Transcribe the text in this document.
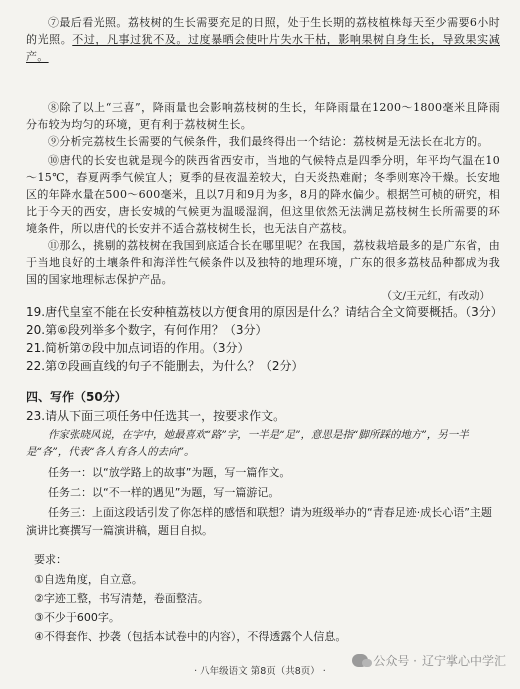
⑦最后看光照。荔枝树的生长需要充足的日照，处于生长期的荔枝植株每天至少需要6小时的光照。不过，凡事过犹不及。过度暴晒会使叶片失水干枯，影响果树自身生长，导致果实减产。
⑧除了以上“三喜”，降雨量也会影响荔枝树的生长，年降雨量在1200～1800毫米且降雨分布较为均匀的环境，更有利于荔枝树生长。
⑨分析完荔枝生长需要的气候条件，我们最终得出一个结论：荔枝树是无法长在北方的。
⑩唐代的长安也就是现今的陕西省西安市，当地的气候特点是四季分明，年平均气温在10～15℃，春夏两季气候宜人；夏季的昼夜温差较大，白天炎热难耐；冬季则寒冷干燥。长安地区的年降水量在500～600毫米，且以7月和9月为多，8月的降水偏少。根据竺可桢的研究，相比于今天的西安，唐长安城的气候更为温暖湿润，但这里依然无法满足荔枝树生长所需要的环境条件，所以唐代的长安并不适合荔枝树生长，也无法自产荔枝。
⑪那么，挑剔的荔枝树在我国到底适合长在哪里呢？在我国，荔枝栽培最多的是广东省，由于当地良好的土壤条件和海洋性气候条件以及独特的地理环境，广东的很多荔枝品种都成为我国的国家地理标志保护产品。
（文/王元红，有改动）
19.唐代皇室不能在长安种植荔枝以方便食用的原因是什么？请结合全文简要概括。（3分）
20.第⑥段列举多个数字，有何作用？（3分）
21.简析第⑦段中加点词语的作用。（3分）
22.第⑦段画直线的句子不能删去，为什么？（2分）
四、写作（50分）
23.请从下面三项任务中任选其一，按要求作文。
作家张晓风说，在字中，她最喜欢“路”字，一半是“足”，意思是指“脚所踩的地方”，另一半是“各”，代表“各人有各人的去向”。
任务一：以“放学路上的故事”为题，写一篇作文。
任务二：以“不一样的遇见”为题，写一篇游记。
任务三：上面这段话引发了你怎样的感悟和联想？请为班级举办的“青春足迹·成长心语”主题演讲比赛撰写一篇演讲稿，题目自拟。
要求：
①自选角度，自立意。
②字迹工整，书写清楚，卷面整洁。
③不少于600字。
④不得套作、抄袭（包括本试卷中的内容），不得透露个人信息。
公众号 · 辽宁掌心中学汇
· 八年级语文 第8页（共8页） ·
